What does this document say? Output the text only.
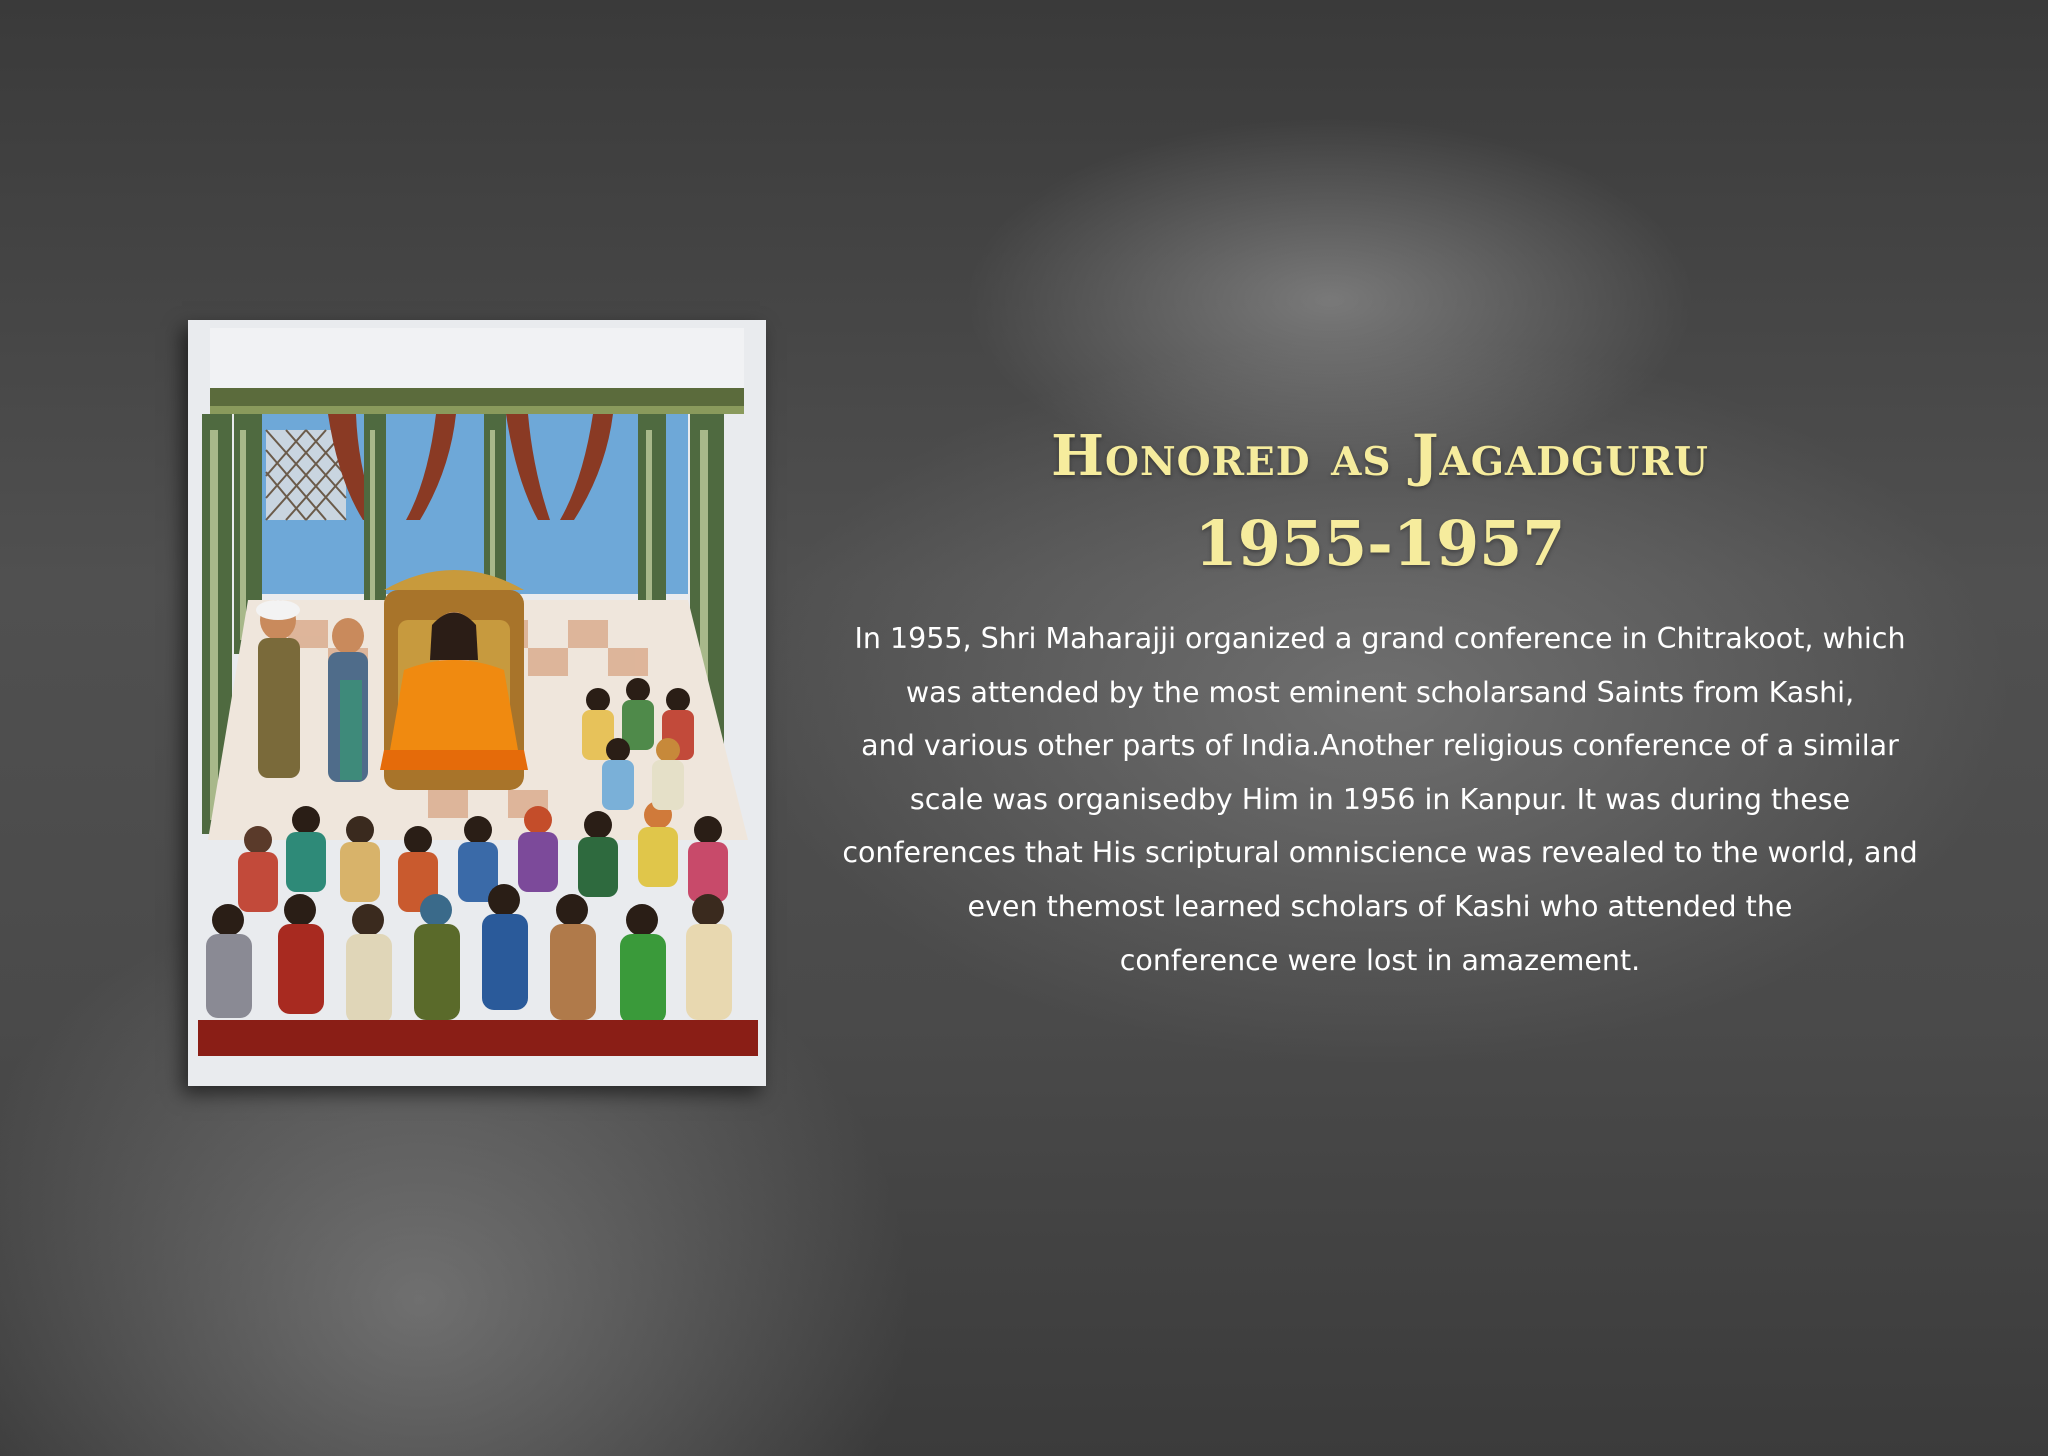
Honored as Jagadguru
1955-1957
In 1955, Shri Maharajji organized a grand conference in Chitrakoot, which
was attended by the most eminent scholarsand Saints from Kashi,
and various other parts of India.Another religious conference of a similar
scale was organisedby Him in 1956 in Kanpur. It was during these
conferences that His scriptural omniscience was revealed to the world, and
even themost learned scholars of Kashi who attended the
conference were lost in amazement.
